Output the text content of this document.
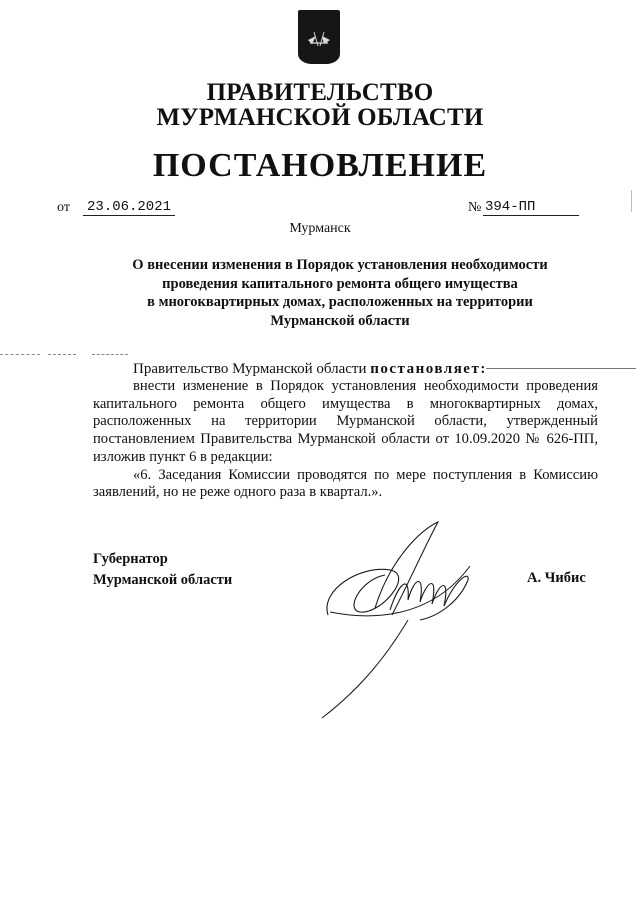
ПРАВИТЕЛЬСТВО
МУРМАНСКОЙ ОБЛАСТИ
ПОСТАНОВЛЕНИЕ
от 23.06.2021	№ 394-ПП
Мурманск
О внесении изменения в Порядок установления необходимости
проведения капитального ремонта общего имущества
в многоквартирных домах, расположенных на территории
Мурманской области
Правительство Мурманской области постановляет:

внести изменение в Порядок установления необходимости проведения капитального ремонта общего имущества в многоквартирных домах, расположенных на территории Мурманской области, утвержденный постановлением Правительства Мурманской области от 10.09.2020 № 626-ПП, изложив пункт 6 в редакции:

«6. Заседания Комиссии проводятся по мере поступления в Комиссию заявлений, но не реже одного раза в квартал.».

Губернатор
Мурманской области	А. Чибис
